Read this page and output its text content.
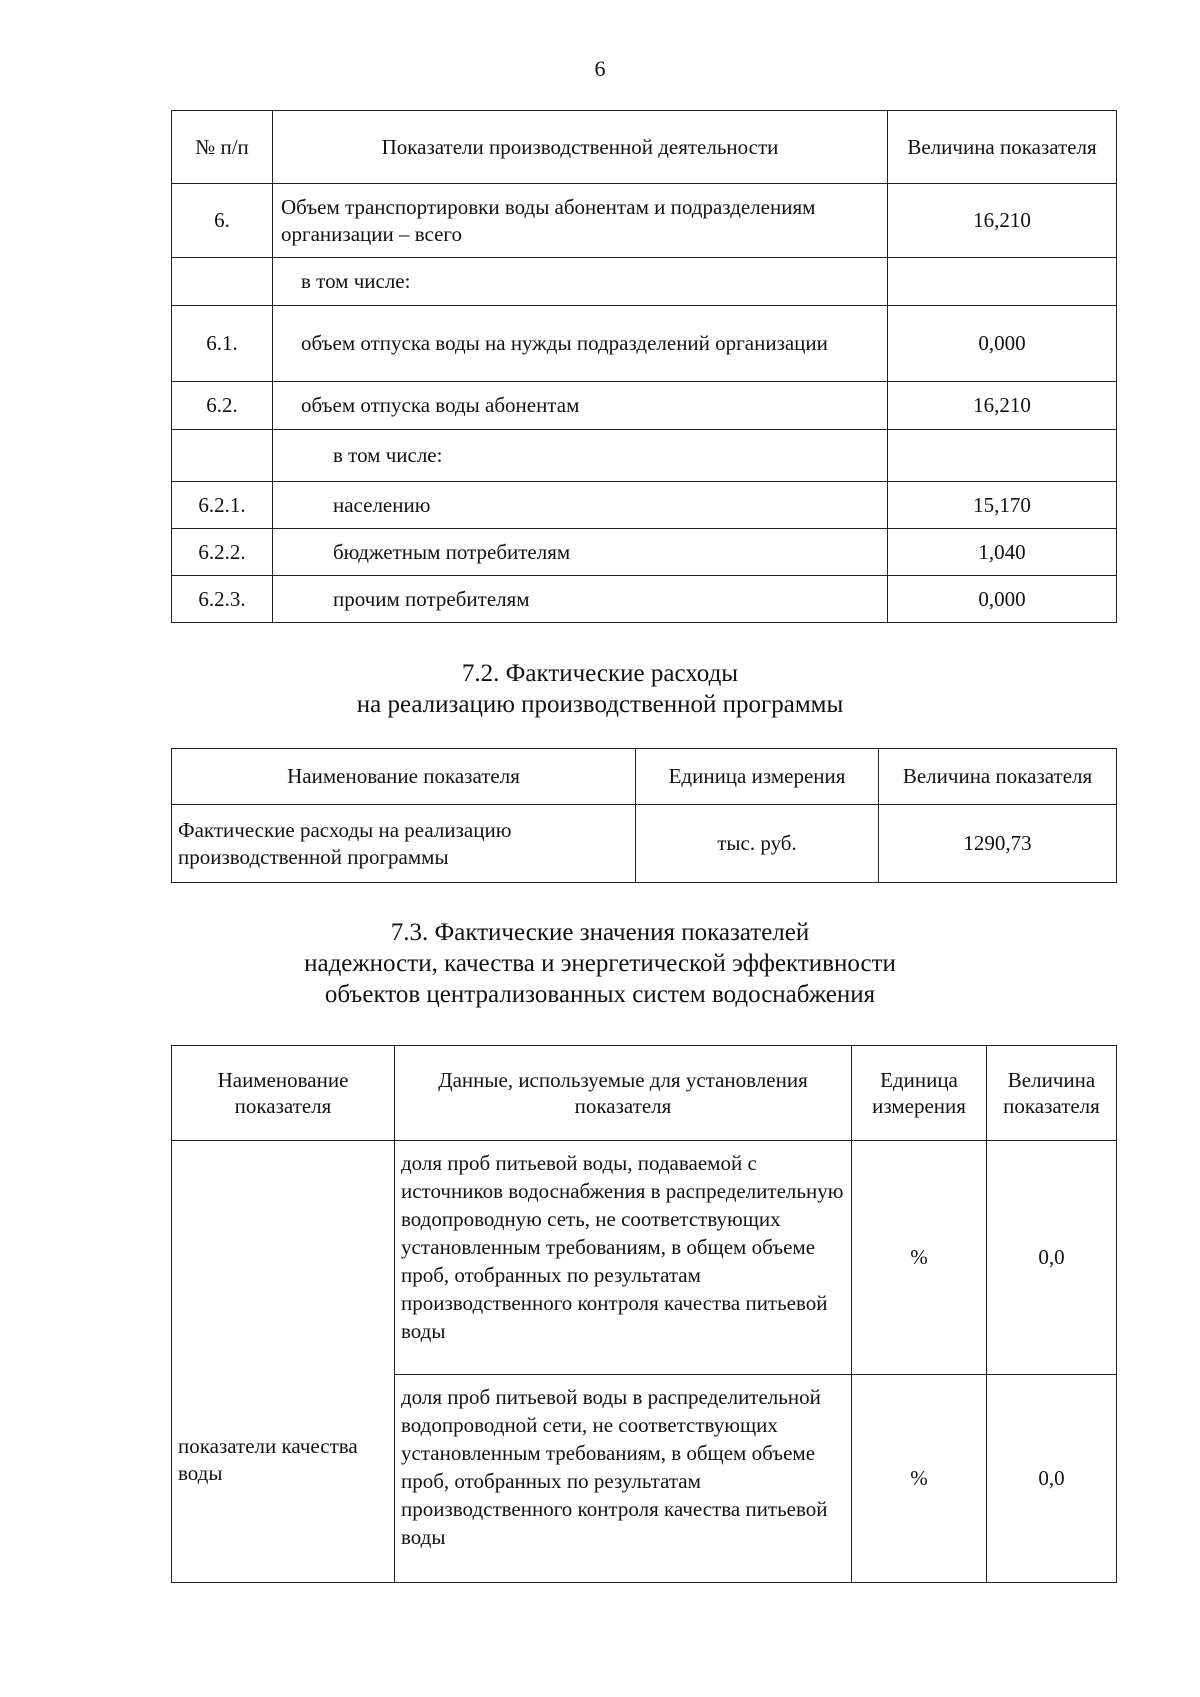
6
№ п/п	Показатели производственной деятельности	Величина показателя
6.	Объем транспортировки воды абонентам и подразделениям организации – всего	16,210
	в том числе:	
6.1.	объем отпуска воды на нужды подразделений организации	0,000
6.2.	объем отпуска воды абонентам	16,210
	в том числе:	
6.2.1.	населению	15,170
6.2.2.	бюджетным потребителям	1,040
6.2.3.	прочим потребителям	0,000
7.2. Фактические расходы
на реализацию производственной программы
Наименование показателя	Единица измерения	Величина показателя
Фактические расходы на реализацию производственной программы	тыс. руб.	1290,73
7.3. Фактические значения показателей
надежности, качества и энергетической эффективности
объектов централизованных систем водоснабжения
Наименование показателя	Данные, используемые для установления показателя	Единица измерения	Величина показателя
показатели качества воды	доля проб питьевой воды, подаваемой с источников водоснабжения в распределительную водопроводную сеть, не соответствующих установленным требованиям, в общем объеме проб, отобранных по результатам производственного контроля качества питьевой воды	%	0,0
	доля проб питьевой воды в распределительной водопроводной сети, не соответствующих установленным требованиям, в общем объеме проб, отобранных по результатам производственного контроля качества питьевой воды	%	0,0
